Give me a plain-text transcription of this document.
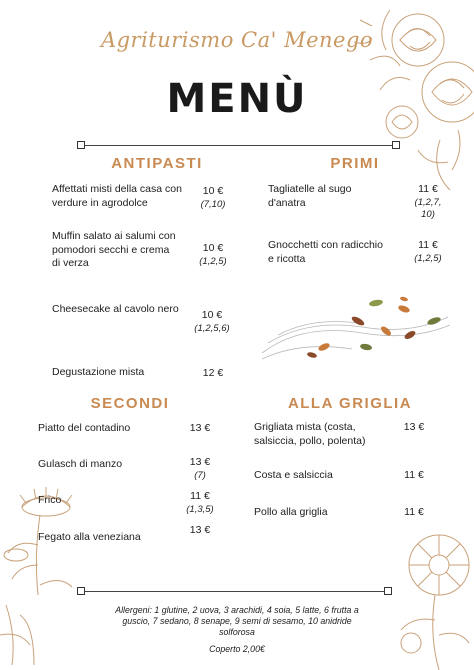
Agriturismo Ca' Menego
MENÙ
ANTIPASTI
Affettati misti della casa con verdure in agrodolce
10 €
(7,10)
Muffin salato ai salumi con pomodori secchi e crema di verza
10 €
(1,2,5)
Cheesecake al cavolo nero	10 €
(1,2,5,6)
Degustazione mista	12 €
PRIMI
Tagliatelle al sugo d'anatra
11 €
(1,2,7, 10)
Gnocchetti con radicchio e ricotta
11 €
(1,2,5)
SECONDI
Piatto del contadino	13 €
Gulasch di manzo	13 €
(7)
Frico	11 €
(1,3,5)
Fegato alla veneziana
13 €
ALLA GRIGLIA
Grigliata mista (costa, salsiccia, pollo, polenta)
13 €
Costa e salsiccia	11 €
Pollo alla griglia	11 €
Allergeni: 1 glutine, 2 uova, 3 arachidi, 4 soia, 5 latte, 6 frutta a guscio, 7 sedano, 8 senape, 9 semi di sesamo, 10 anidride solforosa
Coperto 2,00€
